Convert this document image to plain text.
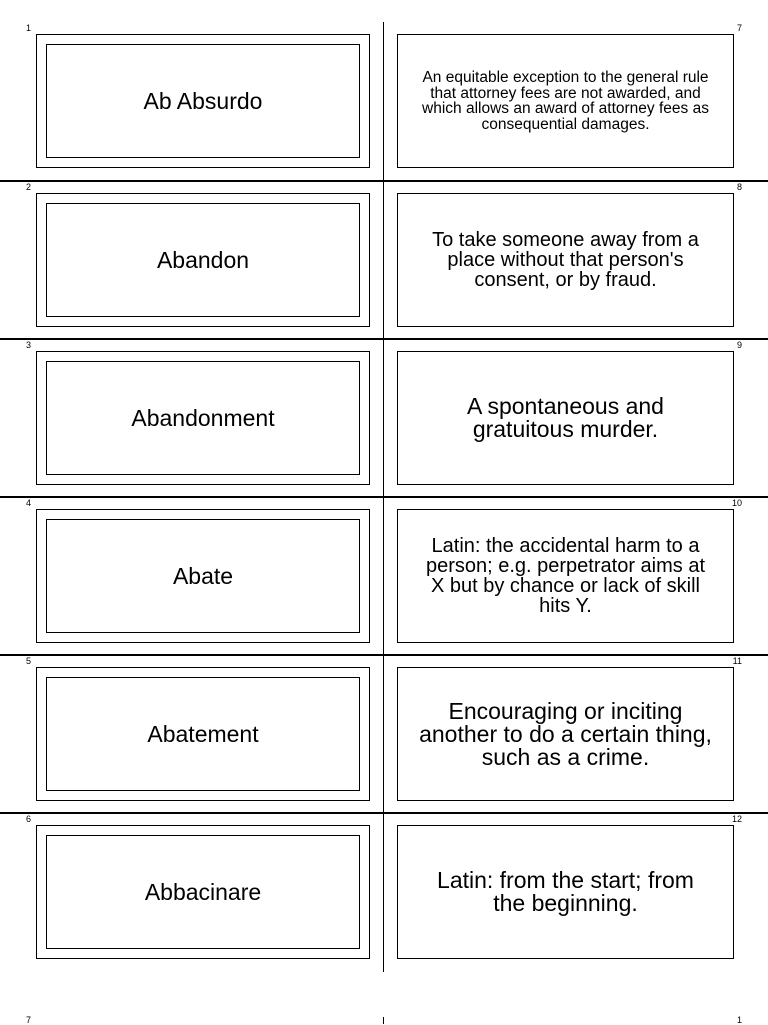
1
Ab Absurdo
7
An equitable exception to the general rule that attorney fees are not awarded, and which allows an award of attorney fees as consequential damages.
2
Abandon
8
To take someone away from a place without that person's consent, or by fraud.
3
Abandonment
9
A spontaneous and gratuitous murder.
4
Abate
10
Latin: the accidental harm to a person; e.g. perpetrator aims at X but by chance or lack of skill hits Y.
5
Abatement
11
Encouraging or inciting another to do a certain thing, such as a crime.
6
Abbacinare
12
Latin: from the start; from the beginning.
7	1
